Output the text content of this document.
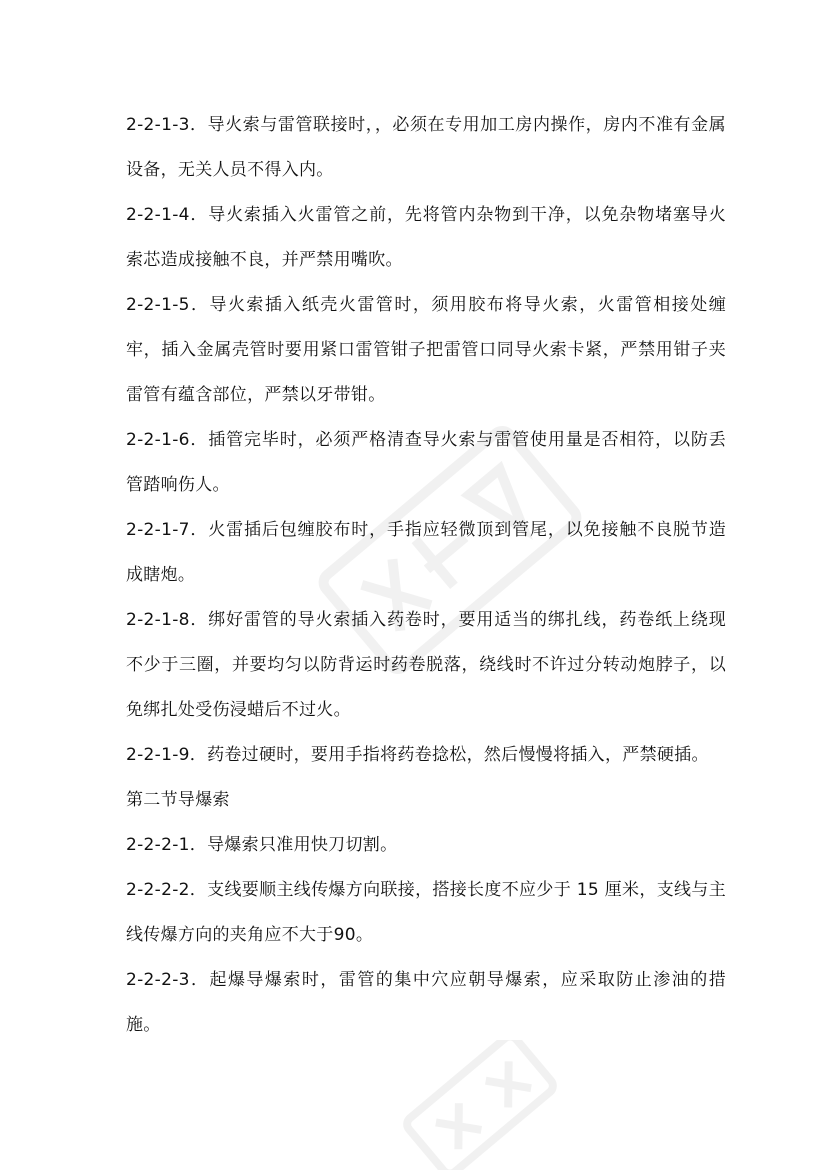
2-2-1-3．导火索与雷管联接时，，必须在专用加工房内操作，房内不准有金属设备，无关人员不得入内。

2-2-1-4．导火索插入火雷管之前，先将管内杂物到干净，以免杂物堵塞导火索芯造成接触不良，并严禁用嘴吹。

2-2-1-5．导火索插入纸壳火雷管时，须用胶布将导火索，火雷管相接处缠牢，插入金属壳管时要用紧口雷管钳子把雷管口同导火索卡紧，严禁用钳子夹雷管有蕴含部位，严禁以牙带钳。

2-2-1-6．插管完毕时，必须严格清查导火索与雷管使用量是否相符，以防丢管踏响伤人。

2-2-1-7．火雷插后包缠胶布时，手指应轻微顶到管尾，以免接触不良脱节造成瞎炮。

2-2-1-8．绑好雷管的导火索插入药卷时，要用适当的绑扎线，药卷纸上绕现不少于三圈，并要均匀以防背运时药卷脱落，绕线时不许过分转动炮脖子，以免绑扎处受伤浸蜡后不过火。

2-2-1-9．药卷过硬时，要用手指将药卷捻松，然后慢慢将插入，严禁硬插。

第二节导爆索

2-2-2-1．导爆索只准用快刀切割。

2-2-2-2．支线要顺主线传爆方向联接，搭接长度不应少于 15 厘米，支线与主线传爆方向的夹角应不大于90。

2-2-2-3．起爆导爆索时，雷管的集中穴应朝导爆索，应采取防止渗油的措施。
